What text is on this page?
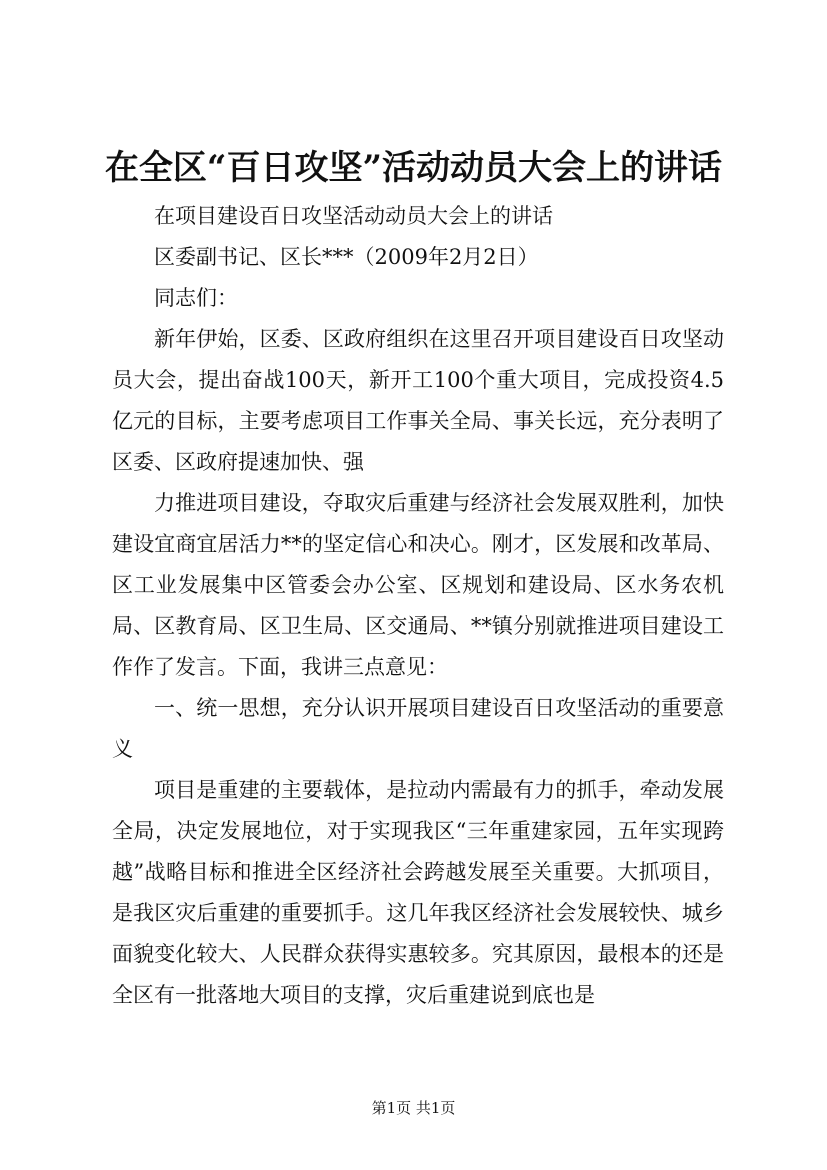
在全区“百日攻坚”活动动员大会上的讲话

在项目建设百日攻坚活动动员大会上的讲话

区委副书记、区长***（2009年2月2日）

同志们：

新年伊始，区委、区政府组织在这里召开项目建设百日攻坚动员大会，提出奋战100天，新开工100个重大项目，完成投资4.5亿元的目标，主要考虑项目工作事关全局、事关长远，充分表明了区委、区政府提速加快、强

力推进项目建设，夺取灾后重建与经济社会发展双胜利，加快建设宜商宜居活力**的坚定信心和决心。刚才，区发展和改革局、区工业发展集中区管委会办公室、区规划和建设局、区水务农机局、区教育局、区卫生局、区交通局、**镇分别就推进项目建设工作作了发言。下面，我讲三点意见：

一、统一思想，充分认识开展项目建设百日攻坚活动的重要意义

项目是重建的主要载体，是拉动内需最有力的抓手，牵动发展全局，决定发展地位，对于实现我区“三年重建家园，五年实现跨越”战略目标和推进全区经济社会跨越发展至关重要。大抓项目，是我区灾后重建的重要抓手。这几年我区经济社会发展较快、城乡面貌变化较大、人民群众获得实惠较多。究其原因，最根本的还是全区有一批落地大项目的支撑，灾后重建说到底也是

第1页 共1页
